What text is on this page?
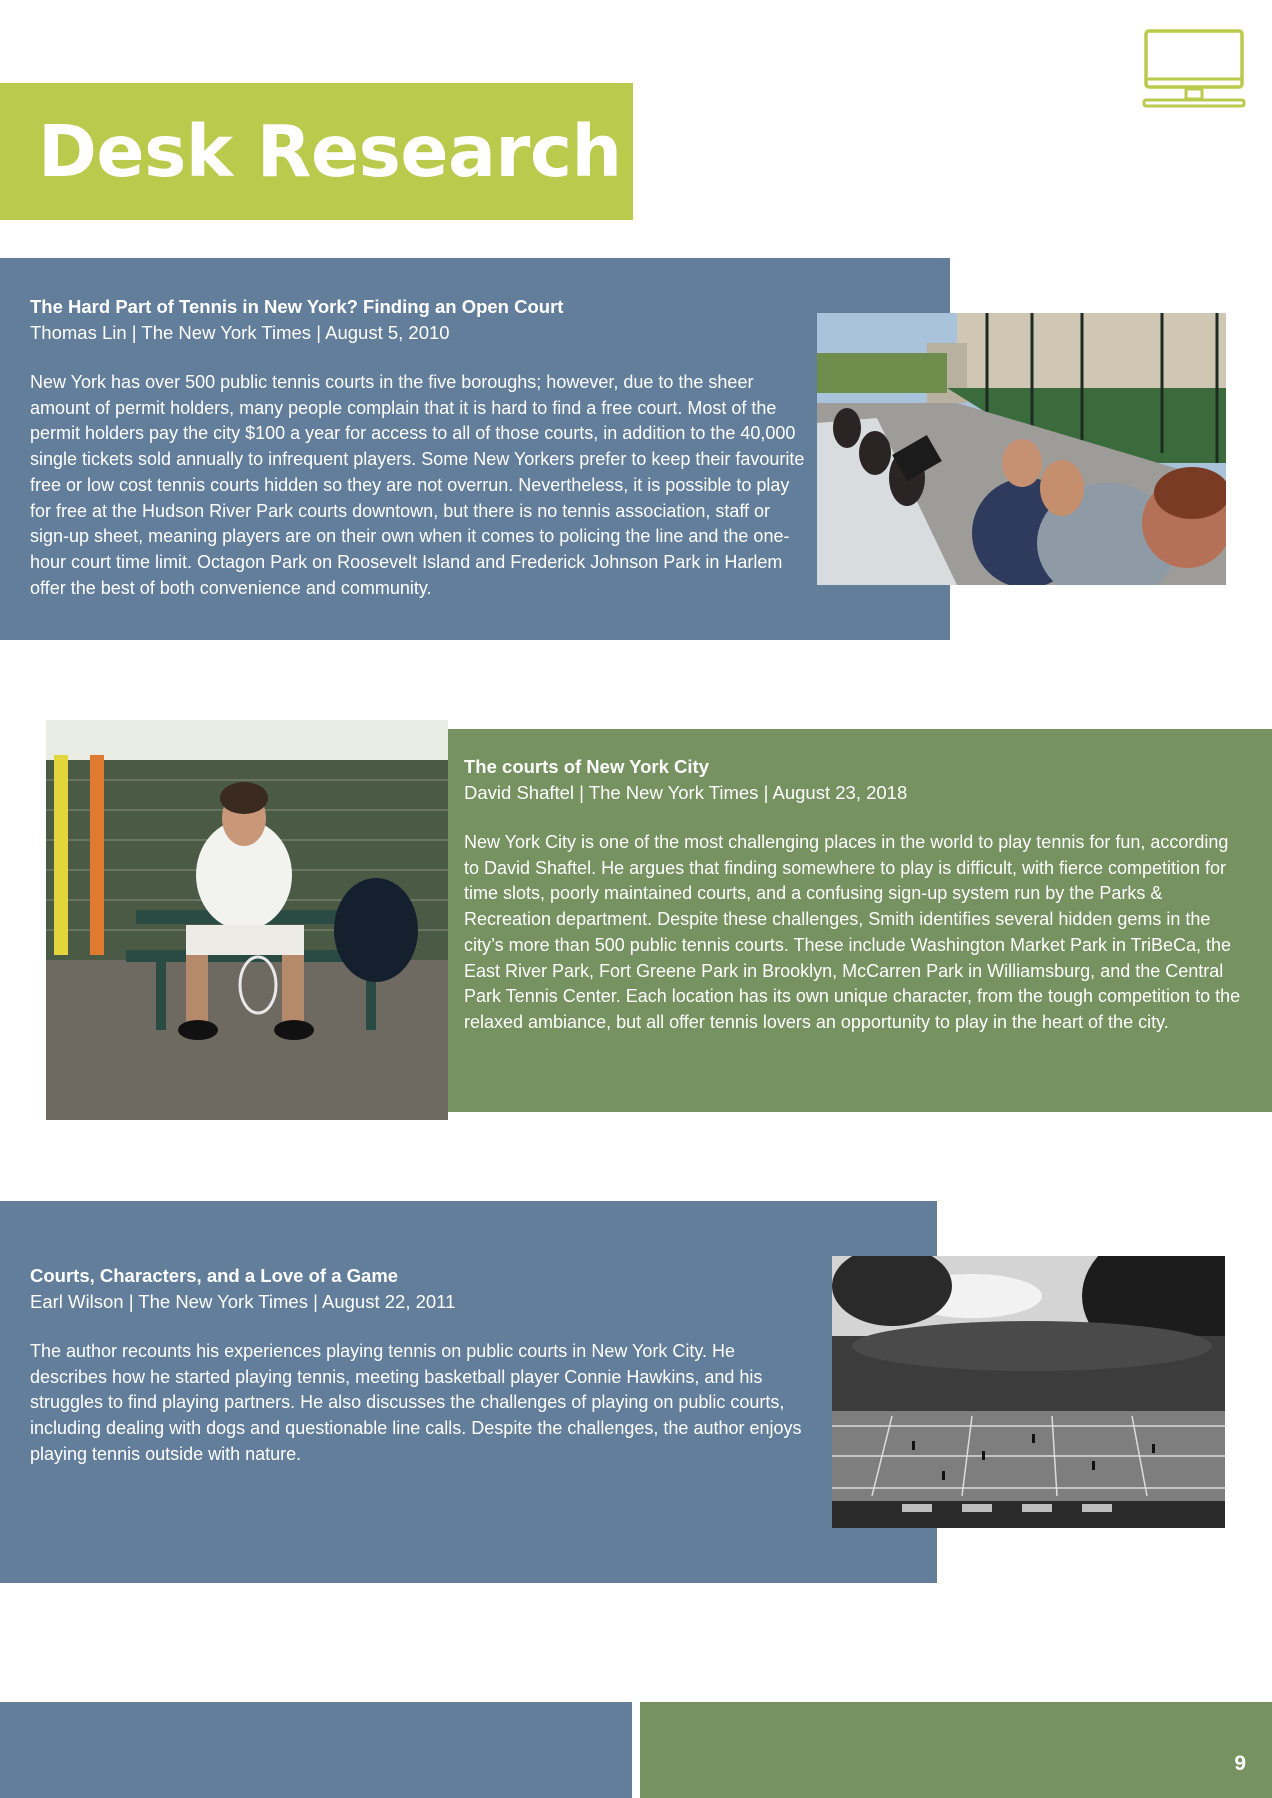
Desk Research
The Hard Part of Tennis in New York? Finding an Open Court

Thomas Lin | The New York Times | August 5, 2010

New York has over 500 public tennis courts in the five boroughs; however, due to the sheer amount of permit holders, many people complain that it is hard to find a free court. Most of the permit holders pay the city $100 a year for access to all of those courts, in addition to the 40,000 single tickets sold annually to infrequent players. Some New Yorkers prefer to keep their favourite free or low cost tennis courts hidden so they are not overrun. Nevertheless, it is possible to play for free at the Hudson River Park courts downtown, but there is no tennis association, staff or sign-up sheet, meaning players are on their own when it comes to policing the line and the one-hour court time limit. Octagon Park on Roosevelt Island and Frederick Johnson Park in Harlem offer the best of both convenience and community.

The courts of New York City

David Shaftel | The New York Times | August 23, 2018

New York City is one of the most challenging places in the world to play tennis for fun, according to David Shaftel. He argues that finding somewhere to play is difficult, with fierce competition for time slots, poorly maintained courts, and a confusing sign-up system run by the Parks & Recreation department. Despite these challenges, Smith identifies several hidden gems in the city’s more than 500 public tennis courts. These include Washington Market Park in TriBeCa, the East River Park, Fort Greene Park in Brooklyn, McCarren Park in Williamsburg, and the Central Park Tennis Center. Each location has its own unique character, from the tough competition to the relaxed ambiance, but all offer tennis lovers an opportunity to play in the heart of the city.

Courts, Characters, and a Love of a Game

Earl Wilson | The New York Times | August 22, 2011

The author recounts his experiences playing tennis on public courts in New York City. He describes how he started playing tennis, meeting basketball player Connie Hawkins, and his struggles to find playing partners. He also discusses the challenges of playing on public courts, including dealing with dogs and questionable line calls. Despite the challenges, the author enjoys playing tennis outside with nature.

9
